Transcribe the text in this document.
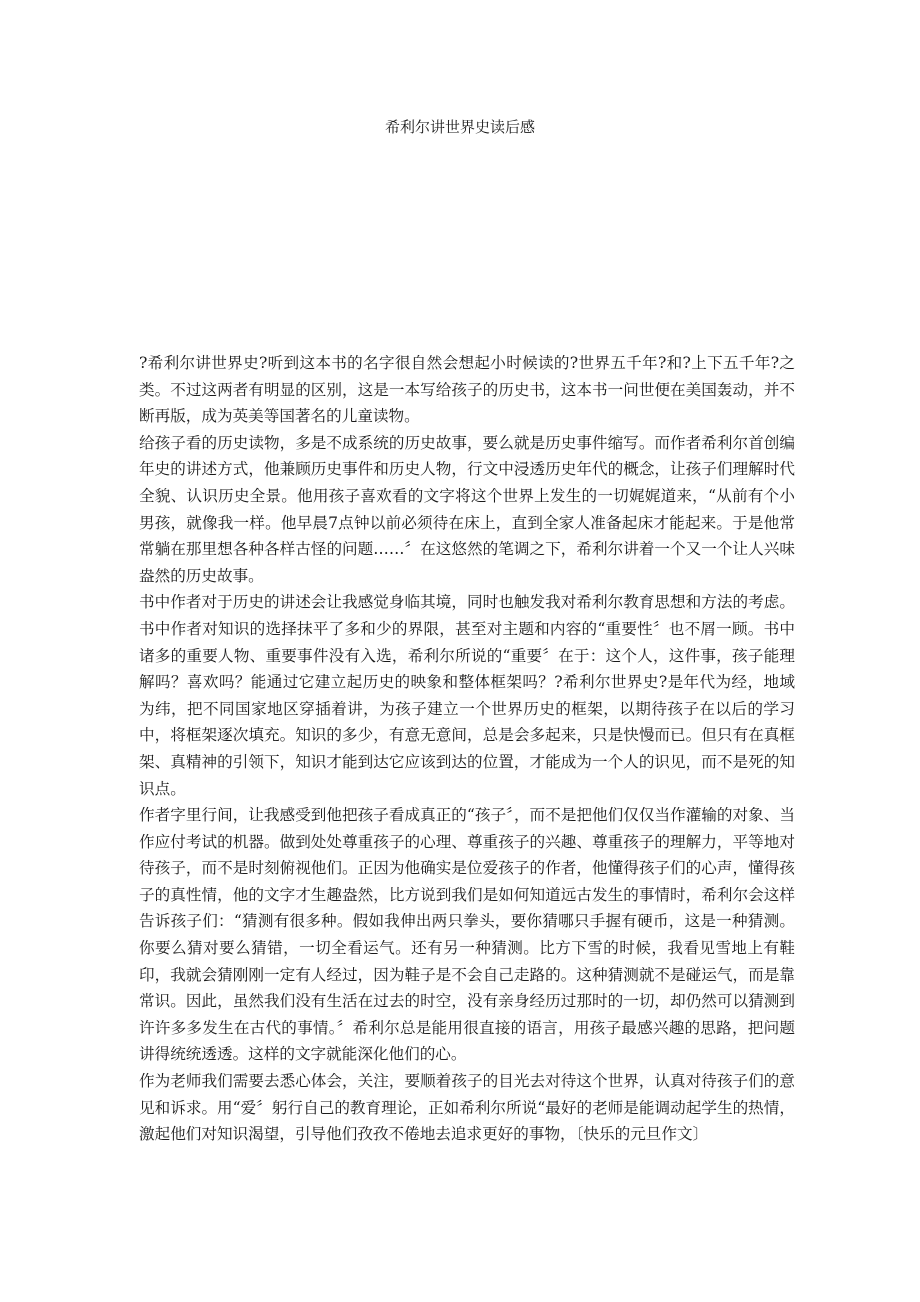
希利尔讲世界史读后感

?希利尔讲世界史?听到这本书的名字很自然会想起小时候读的?世界五千年?和?上下五千年?之类。不过这两者有明显的区别，这是一本写给孩子的历史书，这本书一问世便在美国轰动，并不断再版，成为英美等国著名的儿童读物。

给孩子看的历史读物，多是不成系统的历史故事，要么就是历史事件缩写。而作者希利尔首创编年史的讲述方式，他兼顾历史事件和历史人物，行文中浸透历史年代的概念，让孩子们理解时代全貌、认识历史全景。他用孩子喜欢看的文字将这个世界上发生的一切娓娓道来，“从前有个小男孩，就像我一样。他早晨7点钟以前必须待在床上，直到全家人准备起床才能起来。于是他常常躺在那里想各种各样古怪的问题……〞在这悠然的笔调之下，希利尔讲着一个又一个让人兴味盎然的历史故事。

书中作者对于历史的讲述会让我感觉身临其境，同时也触发我对希利尔教育思想和方法的考虑。书中作者对知识的选择抹平了多和少的界限，甚至对主题和内容的“重要性〞也不屑一顾。书中诸多的重要人物、重要事件没有入选，希利尔所说的“重要〞在于：这个人，这件事，孩子能理解吗？喜欢吗？能通过它建立起历史的映象和整体框架吗？?希利尔世界史?是年代为经，地域为纬，把不同国家地区穿插着讲，为孩子建立一个世界历史的框架，以期待孩子在以后的学习中，将框架逐次填充。知识的多少，有意无意间，总是会多起来，只是快慢而已。但只有在真框架、真精神的引领下，知识才能到达它应该到达的位置，才能成为一个人的识见，而不是死的知识点。

作者字里行间，让我感受到他把孩子看成真正的“孩子〞，而不是把他们仅仅当作灌输的对象、当作应付考试的机器。做到处处尊重孩子的心理、尊重孩子的兴趣、尊重孩子的理解力，平等地对待孩子，而不是时刻俯视他们。正因为他确实是位爱孩子的作者，他懂得孩子们的心声，懂得孩子的真性情，他的文字才生趣盎然，比方说到我们是如何知道远古发生的事情时，希利尔会这样告诉孩子们：“猜测有很多种。假如我伸出两只拳头，要你猜哪只手握有硬币，这是一种猜测。你要么猜对要么猜错，一切全看运气。还有另一种猜测。比方下雪的时候，我看见雪地上有鞋印，我就会猜刚刚一定有人经过，因为鞋子是不会自己走路的。这种猜测就不是碰运气，而是靠常识。因此，虽然我们没有生活在过去的时空，没有亲身经历过那时的一切，却仍然可以猜测到许许多多发生在古代的事情。〞希利尔总是能用很直接的语言，用孩子最感兴趣的思路，把问题讲得统统透透。这样的文字就能深化他们的心。

作为老师我们需要去悉心体会，关注，要顺着孩子的目光去对待这个世界，认真对待孩子们的意见和诉求。用“爱〞躬行自己的教育理论，正如希利尔所说“最好的老师是能调动起学生的热情，激起他们对知识渴望，引导他们孜孜不倦地去追求更好的事物，〔快乐的元旦作文〕
